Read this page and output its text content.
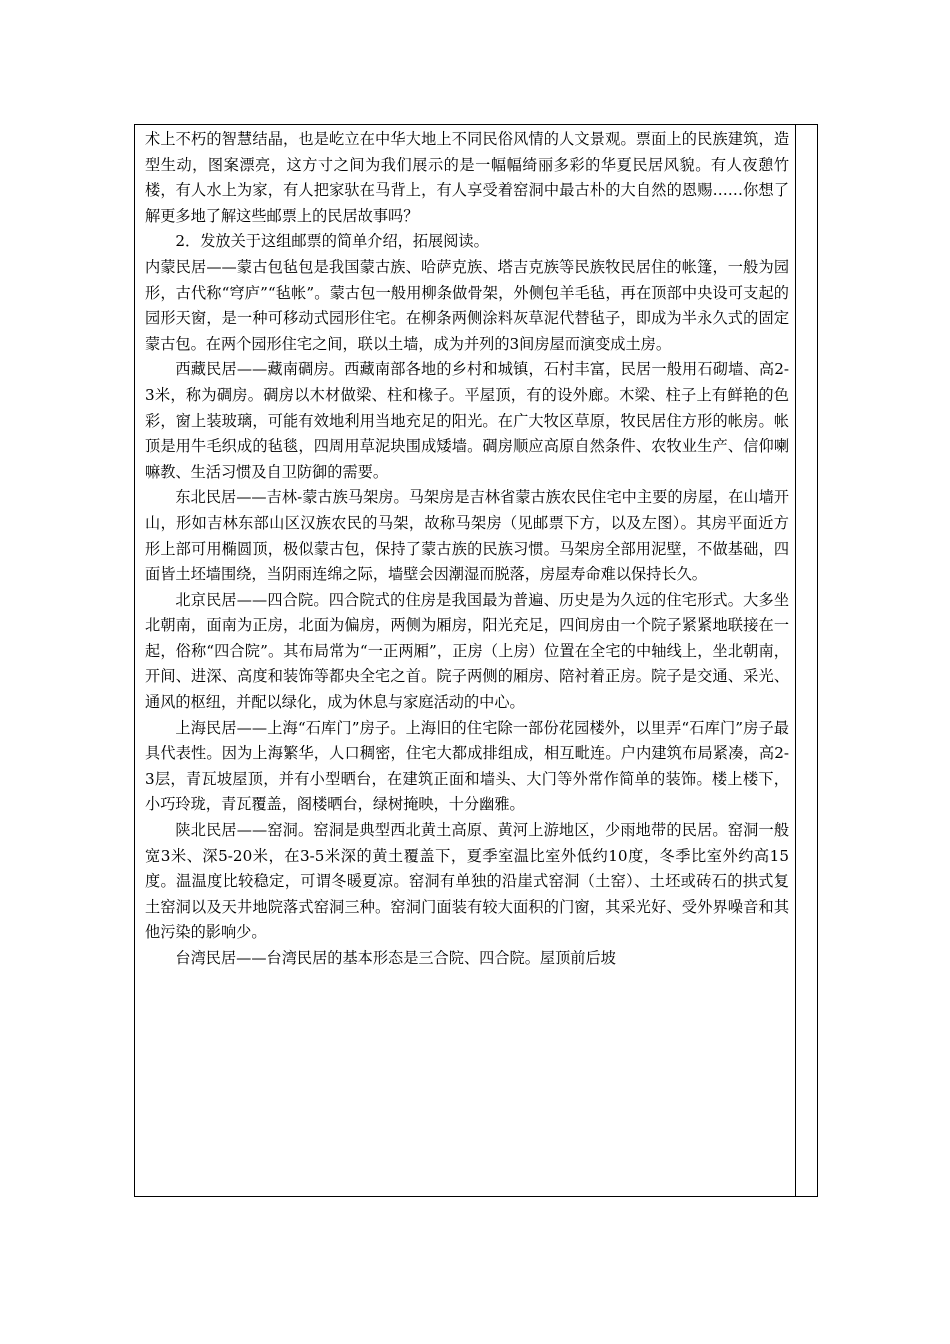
术上不朽的智慧结晶，也是屹立在中华大地上不同民俗风情的人文景观。票面上的民族建筑，造型生动，图案漂亮，这方寸之间为我们展示的是一幅幅绮丽多彩的华夏民居风貌。有人夜憩竹楼，有人水上为家，有人把家驮在马背上，有人享受着窑洞中最古朴的大自然的恩赐……你想了解更多地了解这些邮票上的民居故事吗？

2．发放关于这组邮票的简单介绍，拓展阅读。

内蒙民居——蒙古包毡包是我国蒙古族、哈萨克族、塔吉克族等民族牧民居住的帐篷，一般为园形，古代称“穹庐”“毡帐”。蒙古包一般用柳条做骨架，外侧包羊毛毡，再在顶部中央设可支起的园形天窗，是一种可移动式园形住宅。在柳条两侧涂料灰草泥代替毡子，即成为半永久式的固定蒙古包。在两个园形住宅之间，联以土墙，成为并列的3间房屋而演变成土房。

西藏民居——藏南碉房。西藏南部各地的乡村和城镇，石村丰富，民居一般用石砌墙、高2-3米，称为碉房。碉房以木材做梁、柱和椽子。平屋顶，有的设外廊。木梁、柱子上有鲜艳的色彩，窗上装玻璃，可能有效地利用当地充足的阳光。在广大牧区草原，牧民居住方形的帐房。帐顶是用牛毛织成的毡毯，四周用草泥块围成矮墙。碉房顺应高原自然条件、农牧业生产、信仰喇嘛教、生活习惯及自卫防御的需要。

东北民居——吉林-蒙古族马架房。马架房是吉林省蒙古族农民住宅中主要的房屋，在山墙开山，形如吉林东部山区汉族农民的马架，故称马架房（见邮票下方，以及左图）。其房平面近方形上部可用椭圆顶，极似蒙古包，保持了蒙古族的民族习惯。马架房全部用泥壁，不做基础，四面皆土坯墙围绕，当阴雨连绵之际，墙壁会因潮湿而脱落，房屋寿命难以保持长久。

北京民居——四合院。四合院式的住房是我国最为普遍、历史是为久远的住宅形式。大多坐北朝南，面南为正房，北面为偏房，两侧为厢房，阳光充足，四间房由一个院子紧紧地联接在一起，俗称“四合院”。其布局常为“一正两厢”，正房（上房）位置在全宅的中轴线上，坐北朝南，开间、进深、高度和装饰等都央全宅之首。院子两侧的厢房、陪衬着正房。院子是交通、采光、通风的枢纽，并配以绿化，成为休息与家庭活动的中心。

上海民居——上海“石库门”房子。上海旧的住宅除一部份花园楼外，以里弄“石库门”房子最具代表性。因为上海繁华，人口稠密，住宅大都成排组成，相互毗连。户内建筑布局紧凑，高2-3层，青瓦坡屋顶，并有小型晒台，在建筑正面和墙头、大门等外常作简单的装饰。楼上楼下，小巧玲珑，青瓦覆盖，阁楼晒台，绿树掩映，十分幽雅。

陕北民居——窑洞。窑洞是典型西北黄土高原、黄河上游地区，少雨地带的民居。窑洞一般宽3米、深5-20米，在3-5米深的黄土覆盖下，夏季室温比室外低约10度，冬季比室外约高15度。温温度比较稳定，可谓冬暖夏凉。窑洞有单独的沿崖式窑洞（土窑）、土坯或砖石的拱式复土窑洞以及天井地院落式窑洞三种。窑洞门面装有较大面积的门窗，其采光好、受外界噪音和其他污染的影响少。

台湾民居——台湾民居的基本形态是三合院、四合院。屋顶前后坡
